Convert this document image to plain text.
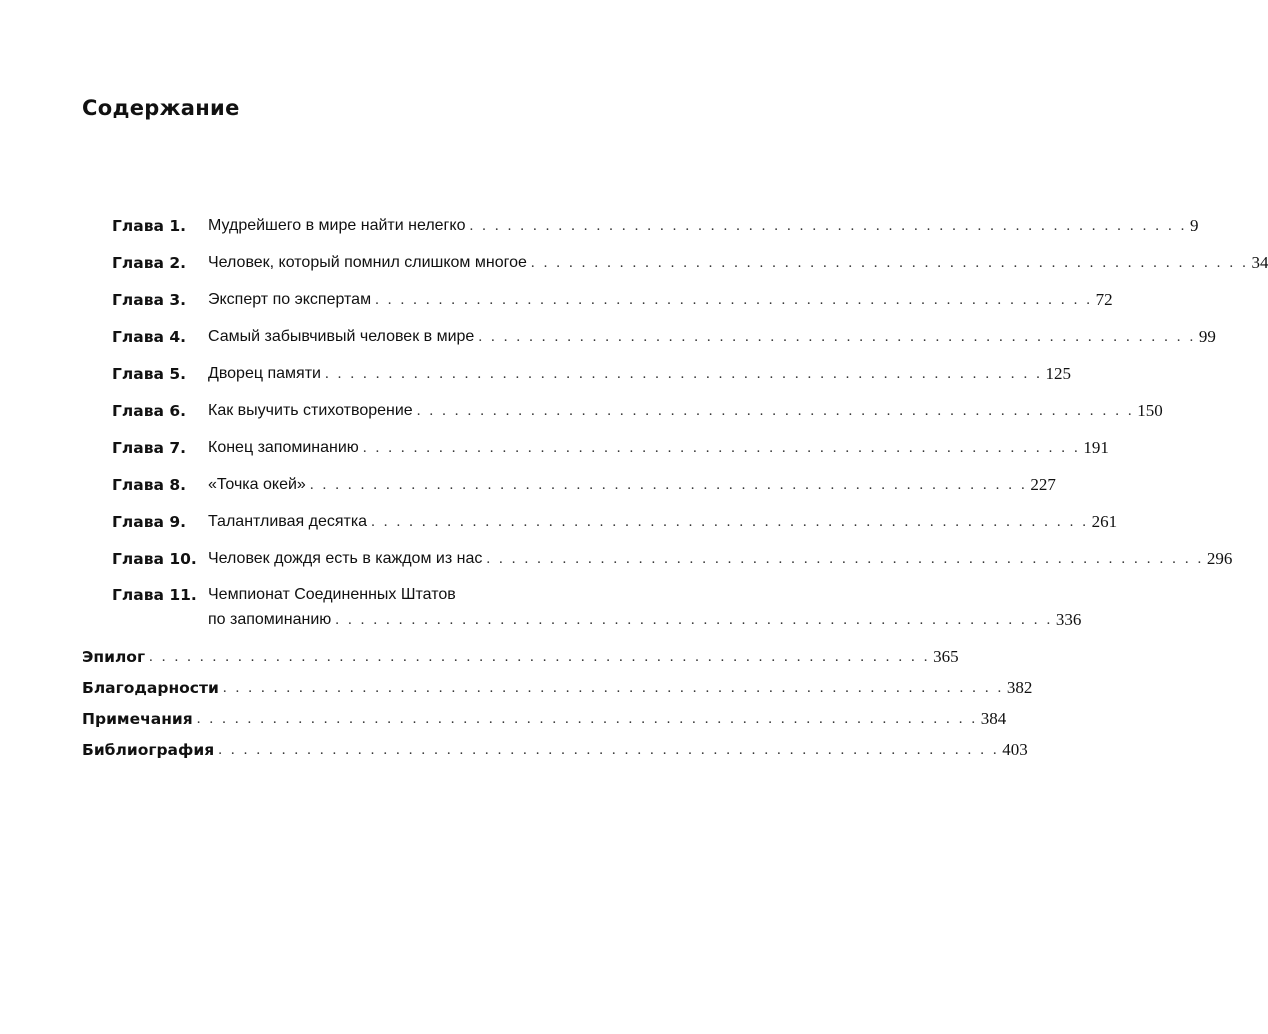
Содержание
Глава 1.	Мудрейшего в мире найти нелегко . . . . . . . . . . . . . . . . . . . . . . . . . . . . . . . . . . . . . . . . . . . . . . . . . . . . . . . . . 9
Глава 2.	Человек, который помнил слишком многое . . . . . . . . . . . . . . . . . . . . . . . . . . . . . . . . . . . . . . . . . . . . . . . . . . . . . . . . . 34
Глава 3.	Эксперт по экспертам . . . . . . . . . . . . . . . . . . . . . . . . . . . . . . . . . . . . . . . . . . . . . . . . . . . . . . . . . 72
Глава 4.	Самый забывчивый человек в мире . . . . . . . . . . . . . . . . . . . . . . . . . . . . . . . . . . . . . . . . . . . . . . . . . . . . . . . . . 99
Глава 5.	Дворец памяти . . . . . . . . . . . . . . . . . . . . . . . . . . . . . . . . . . . . . . . . . . . . . . . . . . . . . . . . . 125
Глава 6.	Как выучить стихотворение . . . . . . . . . . . . . . . . . . . . . . . . . . . . . . . . . . . . . . . . . . . . . . . . . . . . . . . . . 150
Глава 7.	Конец запоминанию . . . . . . . . . . . . . . . . . . . . . . . . . . . . . . . . . . . . . . . . . . . . . . . . . . . . . . . . . 191
Глава 8.	«Точка окей» . . . . . . . . . . . . . . . . . . . . . . . . . . . . . . . . . . . . . . . . . . . . . . . . . . . . . . . . . 227
Глава 9.	Талантливая десятка . . . . . . . . . . . . . . . . . . . . . . . . . . . . . . . . . . . . . . . . . . . . . . . . . . . . . . . . . 261
Глава 10. Человек дождя есть в каждом из нас . . . . . . . . . . . . . . . . . . . . . . . . . . . . . . . . . . . . . . . . . . . . . . . . . . . . . . . . . 296
Глава 11. Чемпионат Соединенных Штатов
по запоминанию . . . . . . . . . . . . . . . . . . . . . . . . . . . . . . . . . . . . . . . . . . . . . . . . . . . . . . . . . 336
Эпилог . . . . . . . . . . . . . . . . . . . . . . . . . . . . . . . . . . . . . . . . . . . . . . . . . . . . . . . . . . . . . . 365
Благодарности . . . . . . . . . . . . . . . . . . . . . . . . . . . . . . . . . . . . . . . . . . . . . . . . . . . . . . . . . . . . . . 382
Примечания . . . . . . . . . . . . . . . . . . . . . . . . . . . . . . . . . . . . . . . . . . . . . . . . . . . . . . . . . . . . . . 384
Библиография . . . . . . . . . . . . . . . . . . . . . . . . . . . . . . . . . . . . . . . . . . . . . . . . . . . . . . . . . . . . . . 403
